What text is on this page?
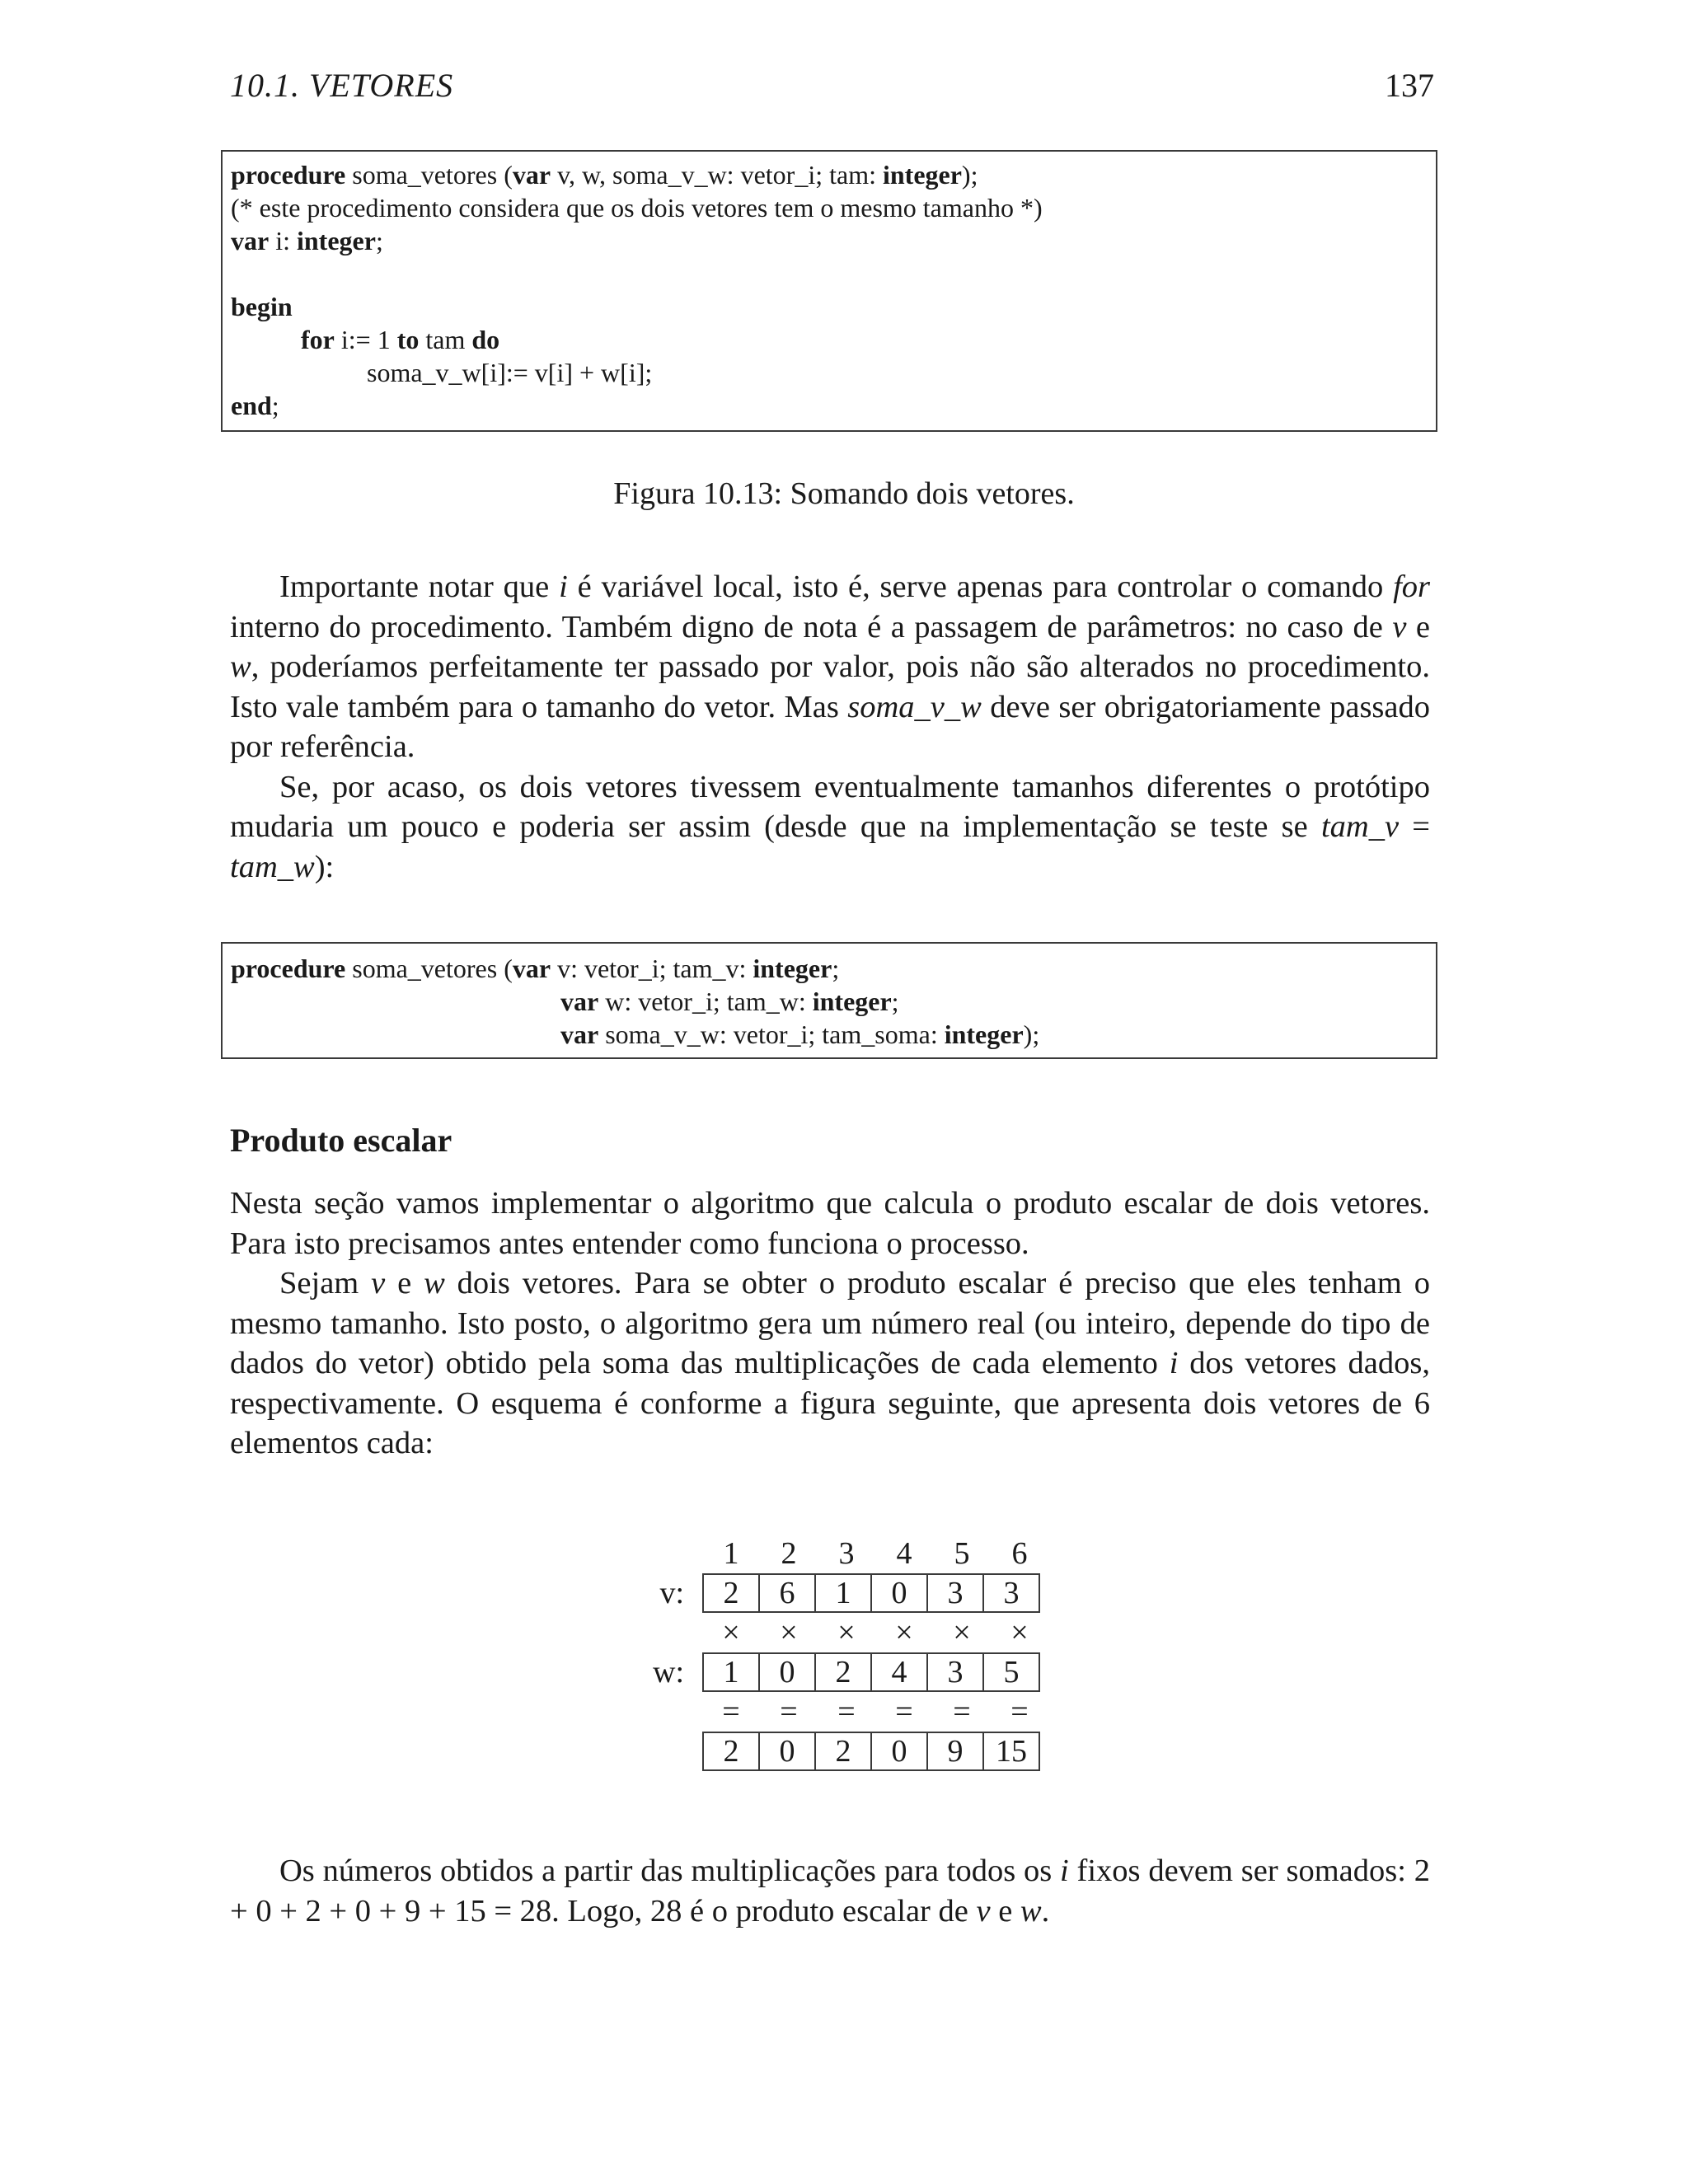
10.1. VETORES	137
procedure soma_vetores (var v, w, soma_v_w: vetor_i; tam: integer);
(* este procedimento considera que os dois vetores tem o mesmo tamanho *)
var i: integer;

begin
for i:= 1 to tam do
soma_v_w[i]:= v[i] + w[i];
end;
Figura 10.13: Somando dois vetores.

Importante notar que i é variável local, isto é, serve apenas para controlar o comando for interno do procedimento. Também digno de nota é a passagem de parâmetros: no caso de v e w, poderíamos perfeitamente ter passado por valor, pois não são alterados no procedimento. Isto vale também para o tamanho do vetor. Mas soma_v_w deve ser obrigatoriamente passado por referência.

Se, por acaso, os dois vetores tivessem eventualmente tamanhos diferentes o protótipo mudaria um pouco e poderia ser assim (desde que na implementação se teste se tam_v = tam_w):

procedure soma_vetores (var v: vetor_i; tam_v: integer;
var w: vetor_i; tam_w: integer;
var soma_v_w: vetor_i; tam_soma: integer);
Produto escalar

Nesta seção vamos implementar o algoritmo que calcula o produto escalar de dois vetores. Para isto precisamos antes entender como funciona o processo.

Sejam v e w dois vetores. Para se obter o produto escalar é preciso que eles tenham o mesmo tamanho. Isto posto, o algoritmo gera um número real (ou inteiro, depende do tipo de dados do vetor) obtido pela soma das multiplicações de cada elemento i dos vetores dados, respectivamente. O esquema é conforme a figura seguinte, que apresenta dois vetores de 6 elementos cada:

1	2	3	4	5	6
v:	2	6	1	0	3	3
×	×	×	×	×	×
w:	1	0	2	4	3	5
=	=	=	=	=	=
2	0	2	0	9	15

Os números obtidos a partir das multiplicações para todos os i fixos devem ser somados: 2 + 0 + 2 + 0 + 9 + 15 = 28. Logo, 28 é o produto escalar de v e w.
